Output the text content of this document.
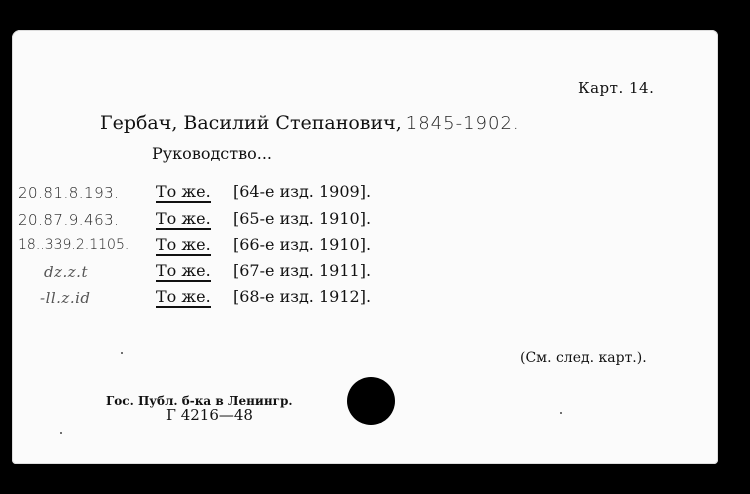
Карт. 14.
Гербач, Василий Степанович, 1845-1902.
Руководство...
20.81.8.193. То же. [64-е изд. 1909].
20.87.9.463. То же. [65-е изд. 1910].
18..339.2.1105. То же. [66-е изд. 1910].
dz.z.t	То же. [67-е изд. 1911].
-ll.z.id	То же. [68-е изд. 1912].
(См. след. карт.).
Гос. Публ. б-ка в Ленингр.
Г 4216—48
